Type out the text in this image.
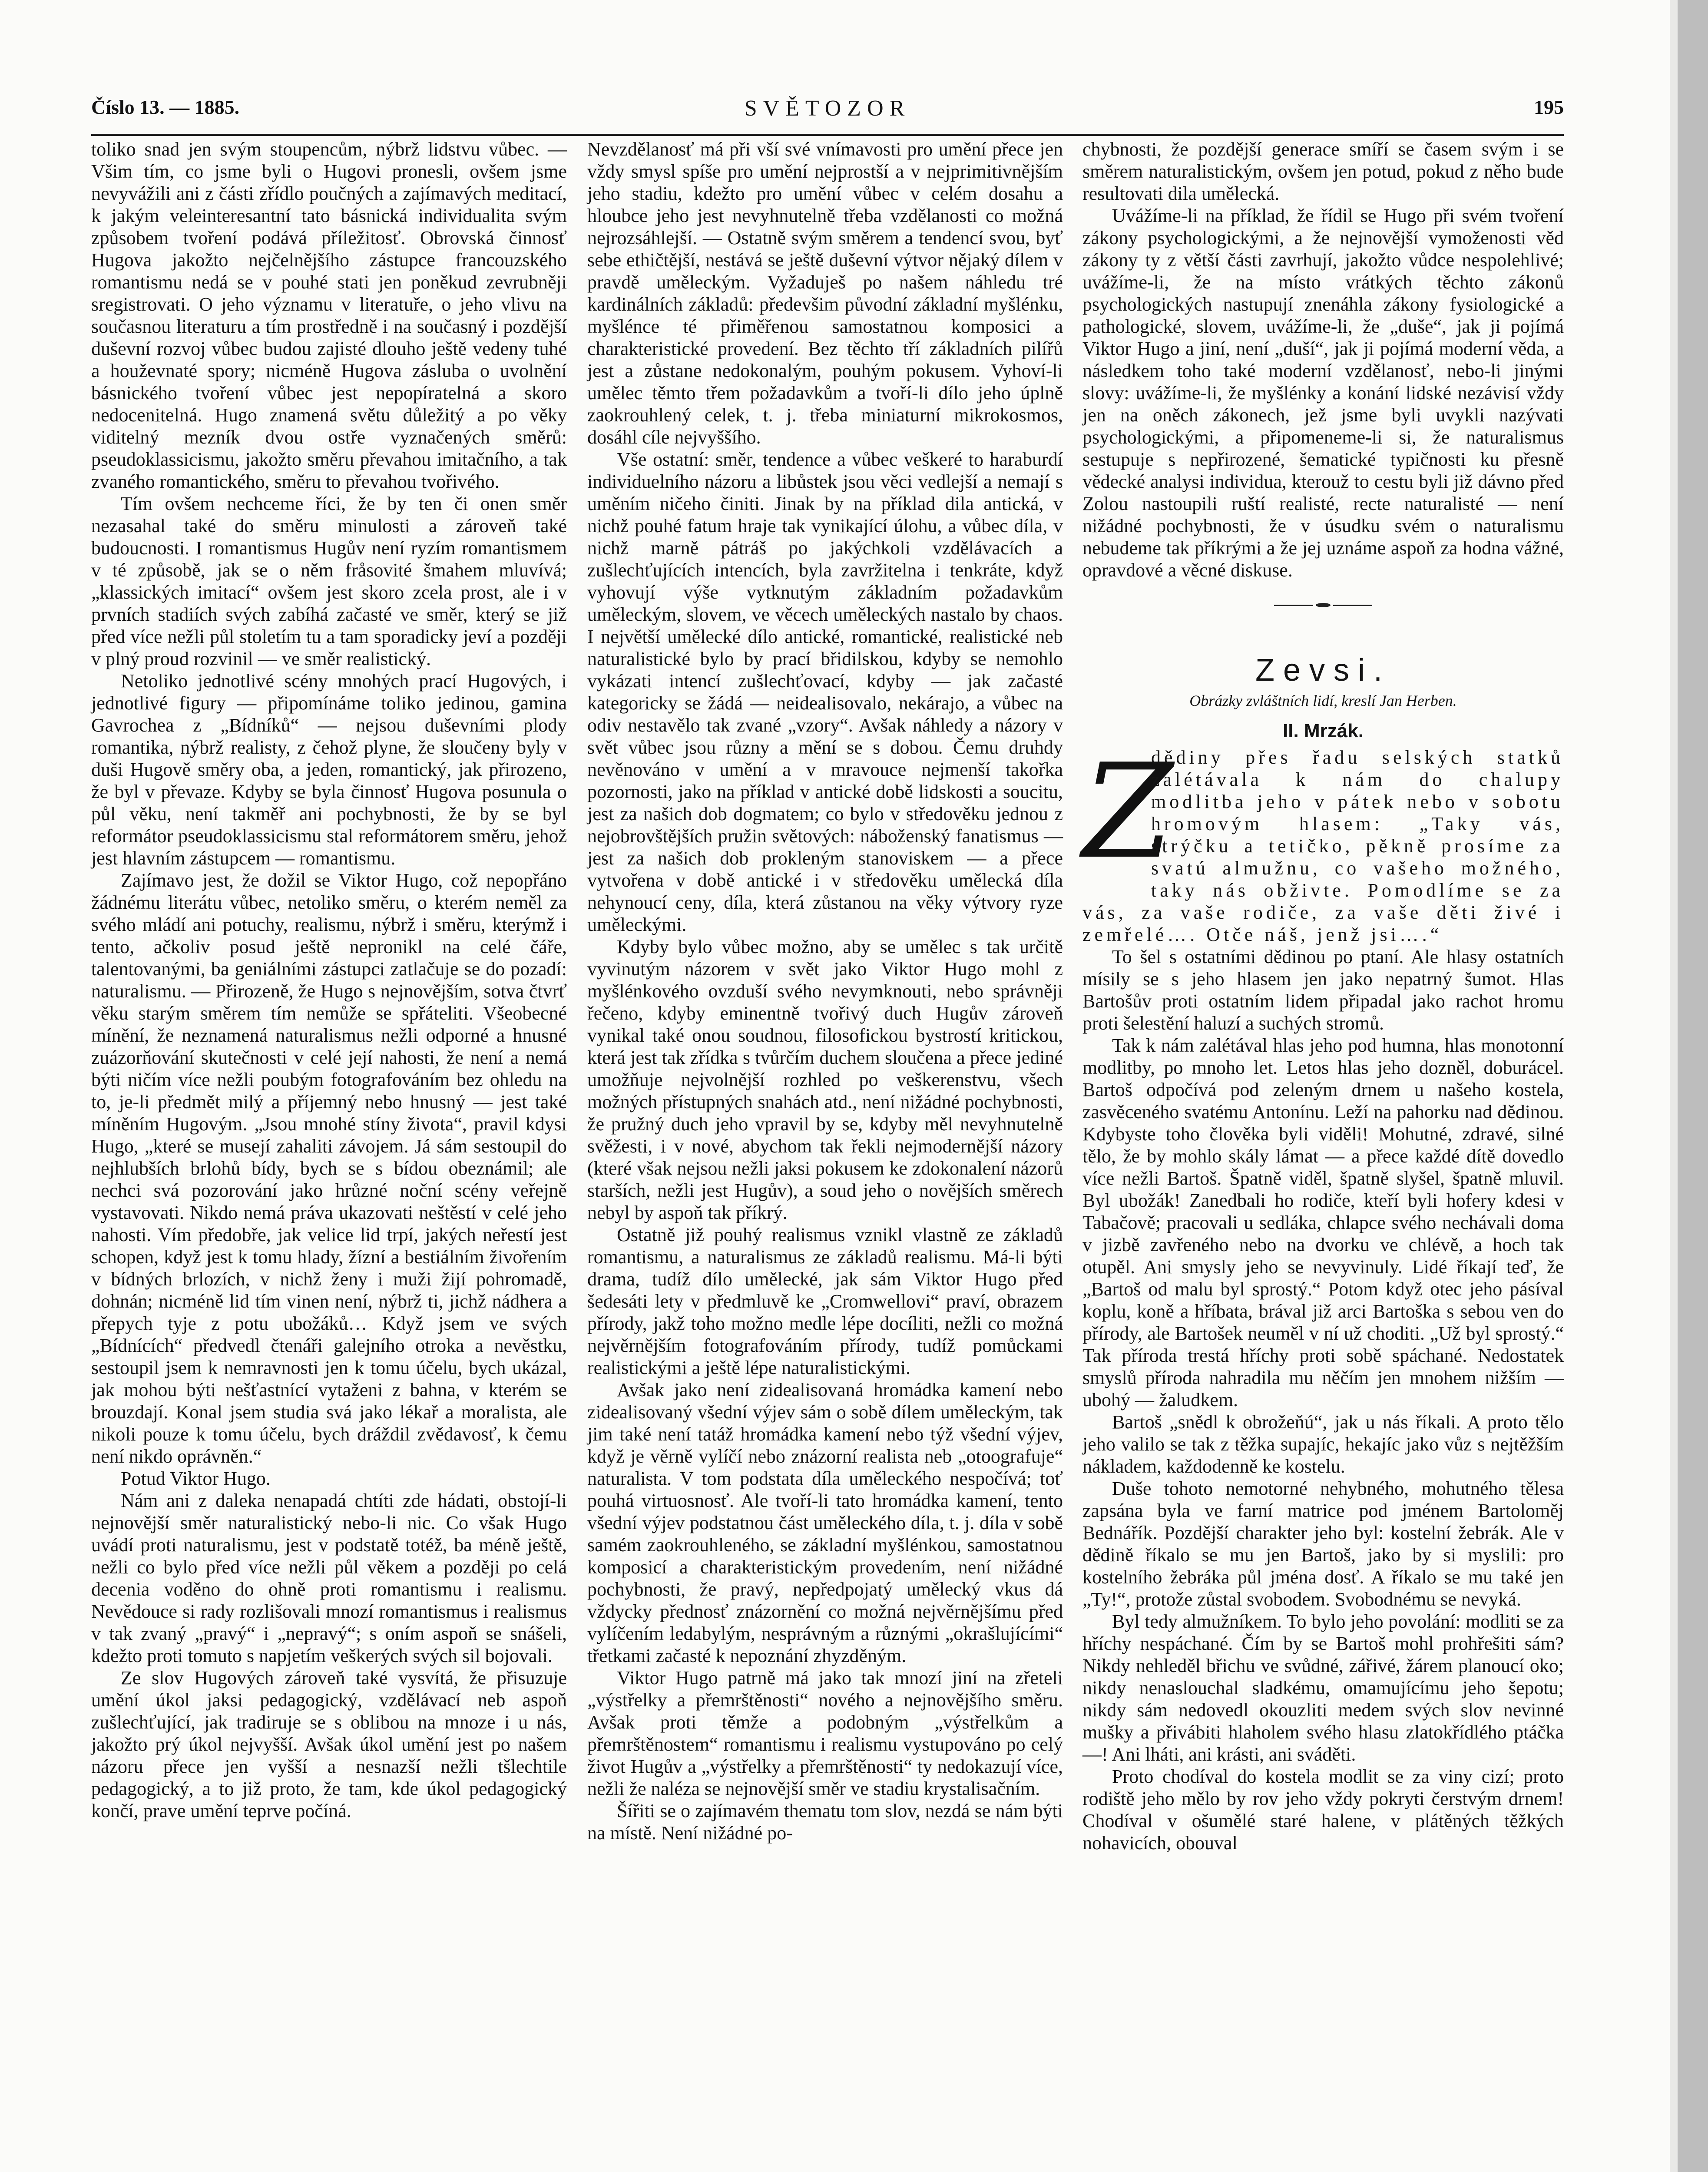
Číslo 13. — 1885.	SVĚTOZOR	195

toliko snad jen svým stoupencům, nýbrž lidstvu vůbec. — Všim tím, co jsme byli o Hugovi pronesli, ovšem jsme nevyvážili ani z části zřídlo poučných a zajímavých meditací, k jakým veleinteresantní tato básnická individualita svým způsobem tvoření podává příležitosť. Obrovská činnosť Hugova jakožto nejčelnějšího zástupce francouzského romantismu nedá se v pouhé stati jen poněkud zevrubněji sregistrovati. O jeho významu v literatuře, o jeho vlivu na současnou literaturu a tím prostředně i na současný i pozdější duševní rozvoj vůbec budou zajisté dlouho ještě vedeny tuhé a houževnaté spory; nicméně Hugova zásluba o uvolnění básnického tvoření vůbec jest nepopíratelná a skoro nedocenitelná. Hugo znamená světu důležitý a po věky viditelný mezník dvou ostře vyznačených směrů: pseudoklassicismu, jakožto směru převahou imitačního, a tak zvaného romantického, směru to převahou tvořivého.

Tím ovšem nechceme říci, že by ten či onen směr nezasahal také do směru minulosti a zároveň také budoucnosti. I romantismus Hugův není ryzím romantismem v té způsobě, jak se o něm fråsovité šmahem mluvívá; „klassických imitací“ ovšem jest skoro zcela prost, ale i v prvních stadiích svých zabíhá začasté ve směr, který se již před více nežli půl stoletím tu a tam sporadicky jeví a později v plný proud rozvinil — ve směr realistický.

Netoliko jednotlivé scény mnohých prací Hugových, i jednotlivé figury — připomínáme toliko jedinou, gamina Gavrochea z „Bídníků“ — nejsou duševními plody romantika, nýbrž realisty, z čehož plyne, že sloučeny byly v duši Hugově směry oba, a jeden, romantický, jak přirozeno, že byl v převaze. Kdyby se byla činnosť Hugova posunula o půl věku, není takměř ani pochybnosti, že by se byl reformátor pseudoklassicismu stal reformátorem směru, jehož jest hlavním zástupcem — romantismu.

Zajímavo jest, že dožil se Viktor Hugo, což nepopřáno žádnému literátu vůbec, netoliko směru, o kterém neměl za svého mládí ani potuchy, realismu, nýbrž i směru, kterýmž i tento, ačkoliv posud ještě nepronikl na celé čáře, talentovanými, ba geniálními zástupci zatlačuje se do pozadí: naturalismu. — Přirozeně, že Hugo s nejnovějším, sotva čtvrť věku starým směrem tím nemůže se spřáteliti. Všeobecné mínění, že neznamená naturalismus nežli odporné a hnusné zuázorňování skutečnosti v celé její nahosti, že není a nemá býti ničím více nežli poubým fotografováním bez ohledu na to, je-li předmět milý a příjemný nebo hnusný — jest také míněním Hugovým. „Jsou mnohé stíny života“, pravil kdysi Hugo, „které se musejí zahaliti závojem. Já sám sestoupil do nejhlubších brlohů bídy, bych se s bídou obeznámil; ale nechci svá pozorování jako hrůzné noční scény veřejně vystavovati. Nikdo nemá práva ukazovati neštěstí v celé jeho nahosti. Vím předobře, jak velice lid trpí, jakých neřestí jest schopen, když jest k tomu hlady, žízní a bestiálním živořením v bídných brlozích, v nichž ženy i muži žijí pohromadě, dohnán; nicméně lid tím vinen není, nýbrž ti, jichž nádhera a přepych tyje z potu ubožáků… Když jsem ve svých „Bídnících“ předvedl čtenáři galejního otroka a nevěstku, sestoupil jsem k nemravnosti jen k tomu účelu, bych ukázal, jak mohou býti nešťastnící vytaženi z bahna, v kterém se brouzdají. Konal jsem studia svá jako lékař a moralista, ale nikoli pouze k tomu účelu, bych dráždil zvědavosť, k čemu není nikdo oprávněn.“

Potud Viktor Hugo.

Nám ani z daleka nenapadá chtíti zde hádati, obstojí-li nejnovější směr naturalistický nebo-li nic. Co však Hugo uvádí proti naturalismu, jest v podstatě totéž, ba méně ještě, nežli co bylo před více nežli půl věkem a později po celá decenia voděno do ohně proti romantismu i realismu. Nevědouce si rady rozlišovali mnozí romantismus i realismus v tak zvaný „pravý“ i „nepravý“; s oním aspoň se snášeli, kdežto proti tomuto s napjetím veškerých svých sil bojovali.

Ze slov Hugových zároveň také vysvítá, že přisuzuje umění úkol jaksi pedagogický, vzdělávací neb aspoň zušlechťující, jak tradiruje se s oblibou na mnoze i u nás, jakožto prý úkol nejvyšší. Avšak úkol umění jest po našem názoru přece jen vyšší a nesnazší nežli tšlechtile pedagogický, a to již proto, že tam, kde úkol pedagogický končí, prave umění teprve počíná.

Nevzdělanosť má při vší své vnímavosti pro umění přece jen vždy smysl spíše pro umění nejprostší a v nejprimitivnějším jeho stadiu, kdežto pro umění vůbec v celém dosahu a hloubce jeho jest nevyhnutelně třeba vzdělanosti co možná nejrozsáhlejší. — Ostatně svým směrem a tendencí svou, byť sebe ethičtější, nestává se ještě duševní výtvor nějaký dílem v pravdě uměleckým. Vyžaduješ po našem náhledu tré kardinálních základů: předevšim původní základní myšlénku, myšlénce té přiměřenou samostatnou komposici a charakteristické provedení. Bez těchto tří základních pilířů jest a zůstane nedokonalým, pouhým pokusem. Vyhoví-li umělec těmto třem požadavkům a tvoří-li dílo jeho úplně zaokrouhlený celek, t. j. třeba miniaturní mikrokosmos, dosáhl cíle nejvyššího.

Vše ostatní: směr, tendence a vůbec veškeré to haraburdí individuelního názoru a libůstek jsou věci vedlejší a nemají s uměním ničeho činiti. Jinak by na příklad dila antická, v nichž pouhé fatum hraje tak vynikající úlohu, a vůbec díla, v nichž marně pátráš po jakýchkoli vzdělávacích a zušlechťujících intencích, byla zavržitelna i tenkráte, když vyhovují výše vytknutým základním požadavkům uměleckým, slovem, ve věcech uměleckých nastalo by chaos. I největší umělecké dílo antické, romantické, realistické neb naturalistické bylo by prací břidilskou, kdyby se nemohlo vykázati intencí zušlechťovací, kdyby — jak začasté kategoricky se žádá — neidealisovalo, nekárajo, a vůbec na odiv nestavělo tak zvané „vzory“. Avšak náhledy a názory v svět vůbec jsou různy a mění se s dobou. Čemu druhdy nevěnováno v umění a v mravouce nejmenší takořka pozornosti, jako na příklad v antické době lidskosti a soucitu, jest za našich dob dogmatem; co bylo v středověku jednou z nejobrovštějších pružin světových: náboženský fanatismus — jest za našich dob prokleným stanoviskem — a přece vytvořena v době antické i v středověku umělecká díla nehynoucí ceny, díla, která zůstanou na věky výtvory ryze uměleckými.

Kdyby bylo vůbec možno, aby se umělec s tak určitě vyvinutým názorem v svět jako Viktor Hugo mohl z myšlénkového ovzduší svého nevymknouti, nebo správněji řečeno, kdyby eminentně tvořivý duch Hugův zároveň vynikal také onou soudnou, filosofickou bystrostí kritickou, která jest tak zřídka s tvůrčím duchem sloučena a přece jediné umožňuje nejvolnější rozhled po veškerenstvu, všech možných přístupných snahách atd., není nižádné pochybnosti, že pružný duch jeho vpravil by se, kdyby měl nevyhnutelně svěžesti, i v nové, abychom tak řekli nejmodernější názory (které však nejsou nežli jaksi pokusem ke zdokonalení názorů starších, nežli jest Hugův), a soud jeho o novějších směrech nebyl by aspoň tak příkrý.

Ostatně již pouhý realismus vznikl vlastně ze základů romantismu, a naturalismus ze základů realismu. Má-li býti drama, tudíž dílo umělecké, jak sám Viktor Hugo před šedesáti lety v předmluvě ke „Cromwellovi“ praví, obrazem přírody, jakž toho možno medle lépe docíliti, nežli co možná nejvěrnějším fotografováním přírody, tudíž pomůckami realistickými a ještě lépe naturalistickými.

Avšak jako není zidealisovaná hromádka kamení nebo zidealisovaný všední výjev sám o sobě dílem uměleckým, tak jim také není tatáž hromádka kamení nebo týž všední výjev, když je věrně vylíčí nebo znázorní realista neb „otoografuje“ naturalista. V tom podstata díla uměleckého nespočívá; toť pouhá virtuosnosť. Ale tvoří-li tato hromádka kamení, tento všední výjev podstatnou část uměleckého díla, t. j. díla v sobě samém zaokrouhleného, se základní myšlénkou, samostatnou komposicí a charakteristickým provedením, není nižádné pochybnosti, že pravý, nepředpojatý umělecký vkus dá vždycky přednosť znázornění co možná nejvěrnějšímu před vylíčením ledabylým, nesprávným a různými „okrašlujícími“ třetkami začasté k nepoznání zhyzděným.

Viktor Hugo patrně má jako tak mnozí jiní na zřeteli „výstřelky a přemrštěnosti“ nového a nejnovějšího směru. Avšak proti těmže a podobným „výstřelkům a přemrštěnostem“ romantismu i realismu vystupováno po celý život Hugův a „výstřelky a přemrštěnosti“ ty nedokazují více, nežli že naléza se nejnovější směr ve stadiu krystalisačním.

Šířiti se o zajímavém thematu tom slov, nezdá se nám býti na místě. Není nižádné po-

chybnosti, že pozdější generace smíří se časem svým i se směrem naturalistickým, ovšem jen potud, pokud z něho bude resultovati dila umělecká.

Uvážíme-li na příklad, že řídil se Hugo při svém tvoření zákony psychologickými, a že nejnovější vymoženosti věd zákony ty z větší části zavrhují, jakožto vůdce nespolehlivé; uvážíme-li, že na místo vrátkých těchto zákonů psychologických nastupují znenáhla zákony fysiologické a pathologické, slovem, uvážíme-li, že „duše“, jak ji pojímá Viktor Hugo a jiní, není „duší“, jak ji pojímá moderní věda, a následkem toho také moderní vzdělanosť, nebo-li jinými slovy: uvážíme-li, že myšlénky a konání lidské nezávisí vždy jen na oněch zákonech, jež jsme byli uvykli nazývati psychologickými, a připomeneme-li si, že naturalismus sestupuje s nepřirozené, šematické typičnosti ku přesně vědecké analysi individua, kterouž to cestu byli již dávno před Zolou nastoupili ruští realisté, recte naturalisté — není nižádné pochybnosti, že v úsudku svém o naturalismu nebudeme tak příkrými a že jej uznáme aspoň za hodna vážné, opravdové a věcné diskuse.

Zevsi.
Obrázky zvláštních lidí, kreslí Jan Herben.
II. Mrzák.
Z

dědiny přes řadu selských statků zalétávala k nám do chalupy modlitba jeho v pátek nebo v sobotu hromovým hlasem: „Taky vás, strýčku a tetičko, pěkně prosíme za svatú almužnu, co vašeho možného, taky nás obživte. Pomodlíme se za vás, za vaše rodiče, za vaše děti živé i zemřelé…. Otče náš, jenž jsi….“

To šel s ostatními dědinou po ptaní. Ale hlasy ostatních mísily se s jeho hlasem jen jako nepatrný šumot. Hlas Bartošův proti ostatním lidem připadal jako rachot hromu proti šelestění haluzí a suchých stromů.

Tak k nám zalétával hlas jeho pod humna, hlas monotonní modlitby, po mnoho let. Letos hlas jeho dozněl, doburácel. Bartoš odpočívá pod zeleným drnem u našeho kostela, zasvěceného svatému Antonínu. Leží na pahorku nad dědinou. Kdybyste toho člověka byli viděli! Mohutné, zdravé, silné tělo, že by mohlo skály lámat — a přece každé dítě dovedlo více nežli Bartoš. Špatně viděl, špatně slyšel, špatně mluvil. Byl ubožák! Zanedbali ho rodiče, kteří byli hofery kdesi v Tabačově; pracovali u sedláka, chlapce svého nechávali doma v jizbě zavřeného nebo na dvorku ve chlévě, a hoch tak otupěl. Ani smysly jeho se nevyvinuly. Lidé říkají teď, že „Bartoš od malu byl sprostý.“ Potom když otec jeho pásíval koplu, koně a hříbata, brával již arci Bartoška s sebou ven do přírody, ale Bartošek neuměl v ní už choditi. „Už byl sprostý.“ Tak příroda trestá hříchy proti sobě spáchané. Nedostatek smyslů příroda nahradila mu něčím jen mnohem nižším — ubohý — žaludkem.

Bartoš „snědl k obrožeňú“, jak u nás říkali. A proto tělo jeho valilo se tak z těžka supajíc, hekajíc jako vůz s nejtěžším nákladem, každodenně ke kostelu.

Duše tohoto nemotorné nehybného, mohutného tělesa zapsána byla ve farní matrice pod jménem Bartoloměj Bednářík. Pozdější charakter jeho byl: kostelní žebrák. Ale v dědině říkalo se mu jen Bartoš, jako by si myslili: pro kostelního žebráka půl jména dosť. A říkalo se mu také jen „Ty!“, protože zůstal svobodem. Svobodnému se nevyká.

Byl tedy almužníkem. To bylo jeho povolání: modliti se za hříchy nespáchané. Čím by se Bartoš mohl prohřešiti sám? Nikdy nehleděl břichu ve svůdné, zářivé, žárem planoucí oko; nikdy nenaslouchal sladkému, omamujícímu jeho šepotu; nikdy sám nedovedl okouzliti medem svých slov nevinné mušky a přivábiti hlaholem svého hlasu zlatokřídlého ptáčka —! Ani lháti, ani krásti, ani sváděti.

Proto chodíval do kostela modlit se za viny cizí; proto rodiště jeho mělo by rov jeho vždy pokryti čerstvým drnem! Chodíval v ošumělé staré halene, v plátěných těžkých nohavicích, obouval
